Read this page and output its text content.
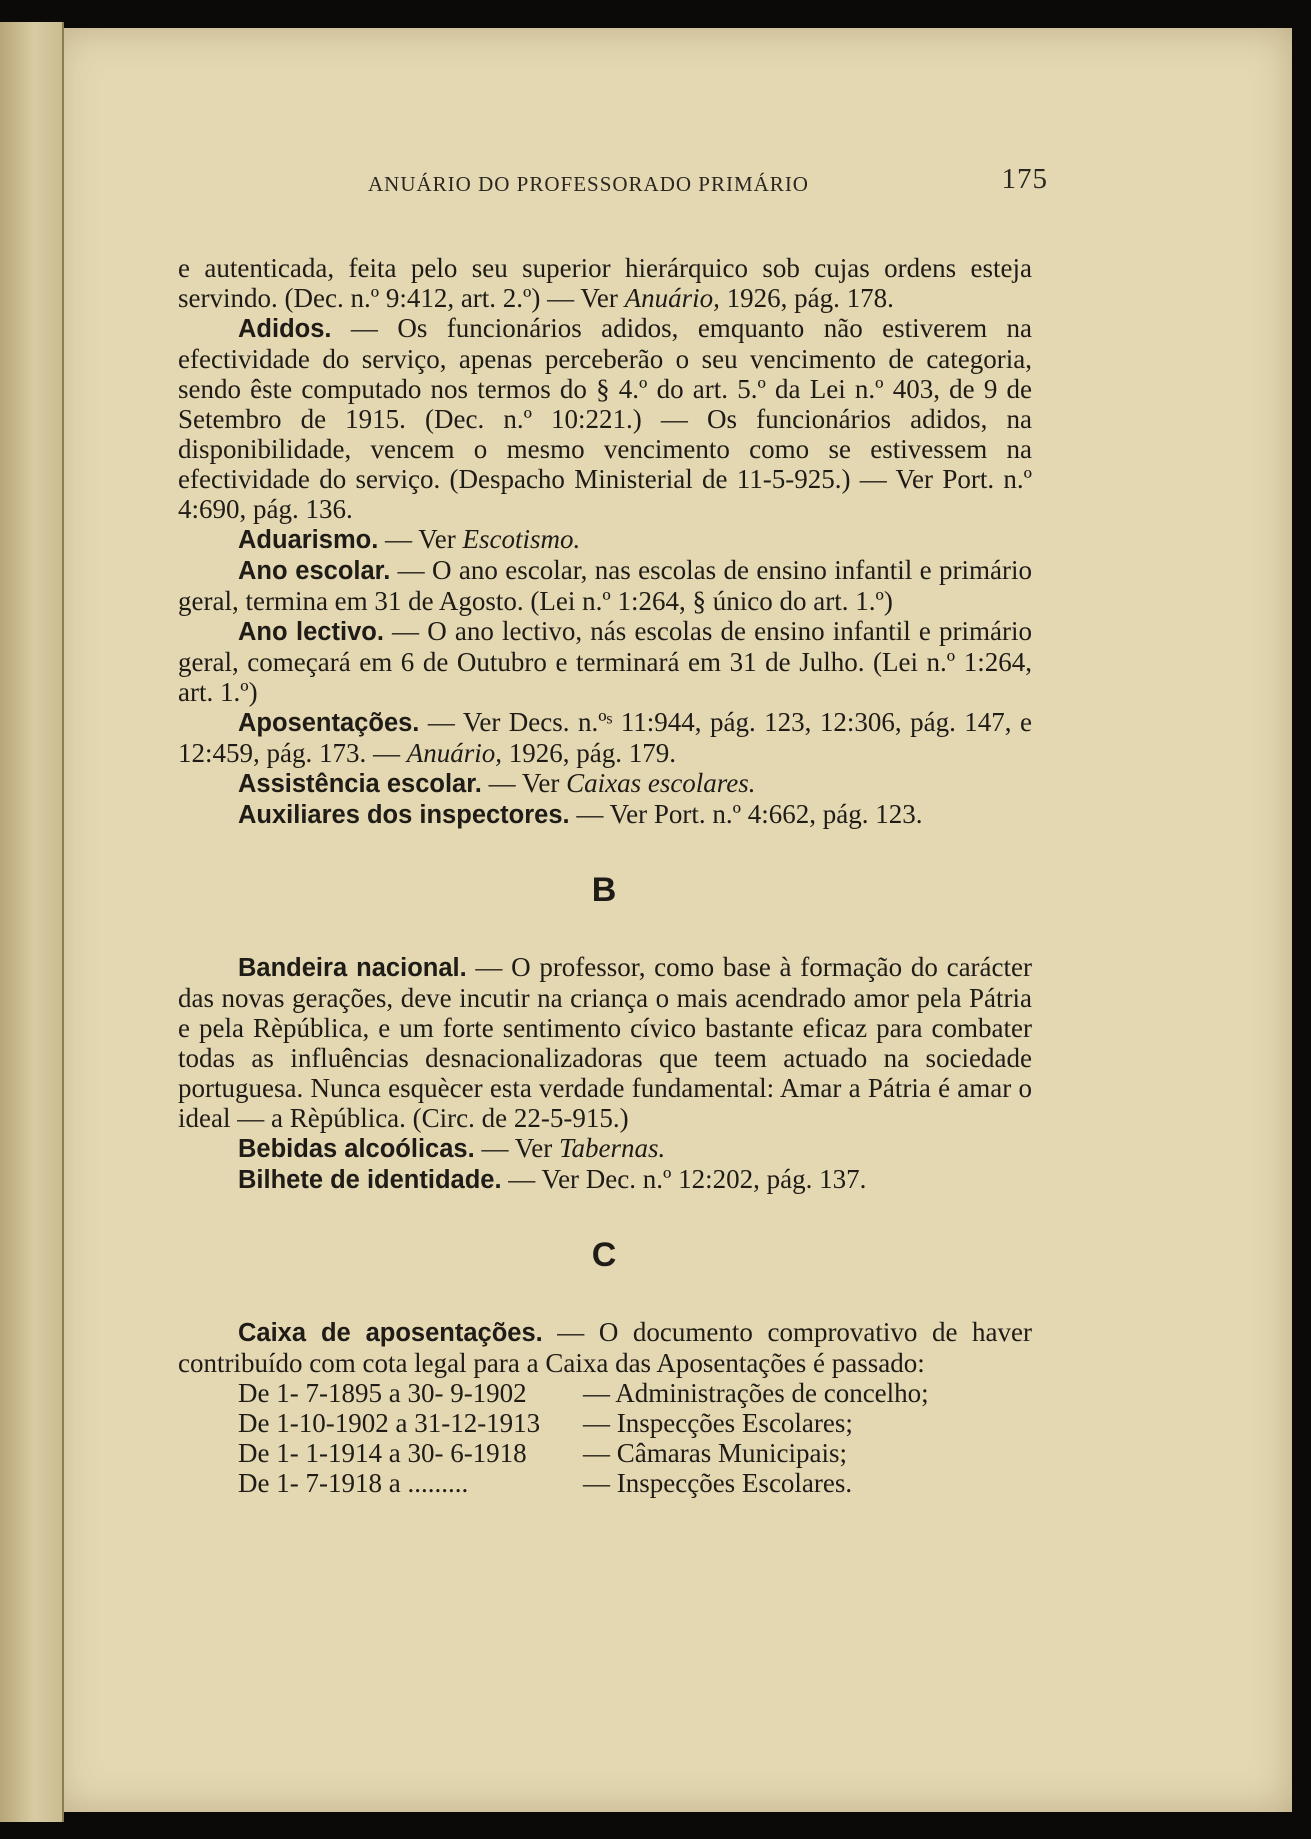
ANUÁRIO DO PROFESSORADO PRIMÁRIO	175

e autenticada, feita pelo seu superior hierárquico sob cujas ordens esteja servindo. (Dec. n.º 9:412, art. 2.º) — Ver Anuário, 1926, pág. 178.

Adidos. — Os funcionários adidos, emquanto não estiverem na efectividade do serviço, apenas perceberão o seu vencimento de categoria, sendo êste computado nos termos do § 4.º do art. 5.º da Lei n.º 403, de 9 de Setembro de 1915. (Dec. n.º 10:221.) — Os funcionários adidos, na disponibilidade, vencem o mesmo vencimento como se estivessem na efectividade do serviço. (Despacho Ministerial de 11-5-925.) — Ver Port. n.º 4:690, pág. 136.

Aduarismo. — Ver Escotismo.

Ano escolar. — O ano escolar, nas escolas de ensino infantil e primário geral, termina em 31 de Agosto. (Lei n.º 1:264, § único do art. 1.º)

Ano lectivo. — O ano lectivo, nás escolas de ensino infantil e primário geral, começará em 6 de Outubro e terminará em 31 de Julho. (Lei n.º 1:264, art. 1.º)

Aposentações. — Ver Decs. n.ºˢ 11:944, pág. 123, 12:306, pág. 147, e 12:459, pág. 173. — Anuário, 1926, pág. 179.

Assistência escolar. — Ver Caixas escolares.

Auxiliares dos inspectores. — Ver Port. n.º 4:662, pág. 123.

B

Bandeira nacional. — O professor, como base à formação do carácter das novas gerações, deve incutir na criança o mais acendrado amor pela Pátria e pela Rèpública, e um forte sentimento cívico bastante eficaz para combater todas as influências desnacionalizadoras que teem actuado na sociedade portuguesa. Nunca esquècer esta verdade fundamental: Amar a Pátria é amar o ideal — a Rèpública. (Circ. de 22-5-915.)

Bebidas alcoólicas. — Ver Tabernas.

Bilhete de identidade. — Ver Dec. n.º 12:202, pág. 137.

C

Caixa de aposentações. — O documento comprovativo de haver contribuído com cota legal para a Caixa das Aposentações é passado:

De 1- 7-1895 a 30- 9-1902 — Administrações de concelho;
De 1-10-1902 a 31-12-1913 — Inspecções Escolares;
De 1- 1-1914 a 30- 6-1918 — Câmaras Municipais;
De 1- 7-1918 a .........	— Inspecções Escolares.
